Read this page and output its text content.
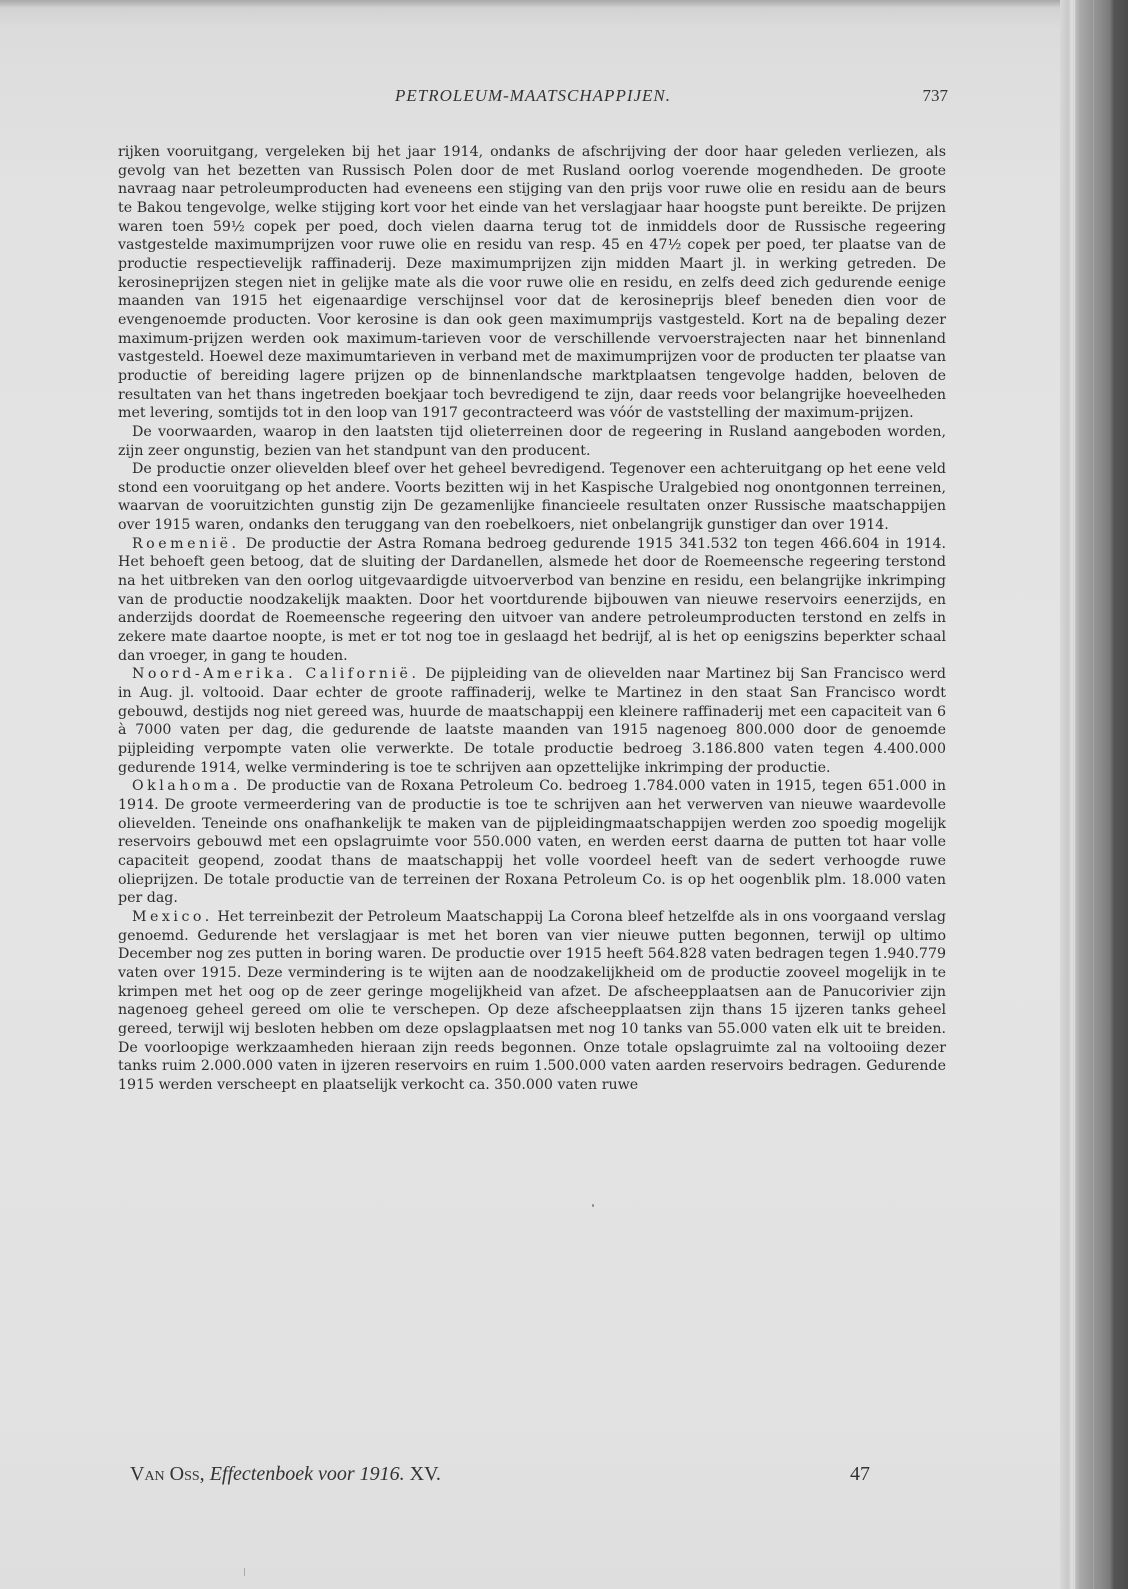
PETROLEUM-MAATSCHAPPIJEN.	737

rijken vooruitgang, vergeleken bij het jaar 1914, ondanks de afschrijving der door haar geleden verliezen, als gevolg van het bezetten van Russisch Polen door de met Rusland oorlog voerende mogendheden. De groote navraag naar petroleumproducten had eveneens een stijging van den prijs voor ruwe olie en residu aan de beurs te Bakou tengevolge, welke stijging kort voor het einde van het verslagjaar haar hoogste punt bereikte. De prijzen waren toen 59½ copek per poed, doch vielen daarna terug tot de inmiddels door de Russische regeering vastgestelde maximumprijzen voor ruwe olie en residu van resp. 45 en 47½ copek per poed, ter plaatse van de productie respectievelijk raffinaderij. Deze maximumprijzen zijn midden Maart jl. in werking getreden. De kerosineprijzen stegen niet in gelijke mate als die voor ruwe olie en residu, en zelfs deed zich gedurende eenige maanden van 1915 het eigenaardige verschijnsel voor dat de kerosineprijs bleef beneden dien voor de evengenoemde producten. Voor kerosine is dan ook geen maximumprijs vastgesteld. Kort na de bepaling dezer maximum-prijzen werden ook maximum-tarieven voor de verschillende vervoerstrajecten naar het binnenland vastgesteld. Hoewel deze maximumtarieven in verband met de maximumprijzen voor de producten ter plaatse van productie of bereiding lagere prijzen op de binnenlandsche marktplaatsen tengevolge hadden, beloven de resultaten van het thans ingetreden boekjaar toch bevredigend te zijn, daar reeds voor belangrijke hoeveelheden met levering, somtijds tot in den loop van 1917 gecontracteerd was vóór de vaststelling der maximum-prijzen.

De voorwaarden, waarop in den laatsten tijd olieterreinen door de regeering in Rusland aangeboden worden, zijn zeer ongunstig, bezien van het standpunt van den producent.

De productie onzer olievelden bleef over het geheel bevredigend. Tegenover een achteruitgang op het eene veld stond een vooruitgang op het andere. Voorts bezitten wij in het Kaspische Uralgebied nog onontgonnen terreinen, waarvan de vooruitzichten gunstig zijn De gezamenlijke financieele resultaten onzer Russische maatschappijen over 1915 waren, ondanks den teruggang van den roebelkoers, niet onbelangrijk gunstiger dan over 1914.

Roemenië. De productie der Astra Romana bedroeg gedurende 1915 341.532 ton tegen 466.604 in 1914. Het behoeft geen betoog, dat de sluiting der Dardanellen, alsmede het door de Roemeensche regeering terstond na het uitbreken van den oorlog uitgevaardigde uitvoerverbod van benzine en residu, een belangrijke inkrimping van de productie noodzakelijk maakten. Door het voortdurende bijbouwen van nieuwe reservoirs eenerzijds, en anderzijds doordat de Roemeensche regeering den uitvoer van andere petroleumproducten terstond en zelfs in zekere mate daartoe noopte, is met er tot nog toe in geslaagd het bedrijf, al is het op eenigszins beperkter schaal dan vroeger, in gang te houden.

Noord-Amerika. Californië. De pijpleiding van de olievelden naar Martinez bij San Francisco werd in Aug. jl. voltooid. Daar echter de groote raffinaderij, welke te Martinez in den staat San Francisco wordt gebouwd, destijds nog niet gereed was, huurde de maatschappij een kleinere raffinaderij met een capaciteit van 6 à 7000 vaten per dag, die gedurende de laatste maanden van 1915 nagenoeg 800.000 door de genoemde pijpleiding verpompte vaten olie verwerkte. De totale productie bedroeg 3.186.800 vaten tegen 4.400.000 gedurende 1914, welke vermindering is toe te schrijven aan opzettelijke inkrimping der productie.

Oklahoma. De productie van de Roxana Petroleum Co. bedroeg 1.784.000 vaten in 1915, tegen 651.000 in 1914. De groote vermeerdering van de productie is toe te schrijven aan het verwerven van nieuwe waardevolle olievelden. Teneinde ons onafhankelijk te maken van de pijpleidingmaatschappijen werden zoo spoedig mogelijk reservoirs gebouwd met een opslagruimte voor 550.000 vaten, en werden eerst daarna de putten tot haar volle capaciteit geopend, zoodat thans de maatschappij het volle voordeel heeft van de sedert verhoogde ruwe olieprijzen. De totale productie van de terreinen der Roxana Petroleum Co. is op het oogenblik plm. 18.000 vaten per dag.

Mexico. Het terreinbezit der Petroleum Maatschappij La Corona bleef hetzelfde als in ons voorgaand verslag genoemd. Gedurende het verslagjaar is met het boren van vier nieuwe putten begonnen, terwijl op ultimo December nog zes putten in boring waren. De productie over 1915 heeft 564.828 vaten bedragen tegen 1.940.779 vaten over 1915. Deze vermindering is te wijten aan de noodzakelijkheid om de productie zooveel mogelijk in te krimpen met het oog op de zeer geringe mogelijkheid van afzet. De afscheepplaatsen aan de Panucorivier zijn nagenoeg geheel gereed om olie te verschepen. Op deze afscheepplaatsen zijn thans 15 ijzeren tanks geheel gereed, terwijl wij besloten hebben om deze opslagplaatsen met nog 10 tanks van 55.000 vaten elk uit te breiden. De voorloopige werkzaamheden hieraan zijn reeds begonnen. Onze totale opslagruimte zal na voltooiing dezer tanks ruim 2.000.000 vaten in ijzeren reservoirs en ruim 1.500.000 vaten aarden reservoirs bedragen. Gedurende 1915 werden verscheept en plaatselijk verkocht ca. 350.000 vaten ruwe

Van Oss, Effectenboek voor 1916. XV.	47
